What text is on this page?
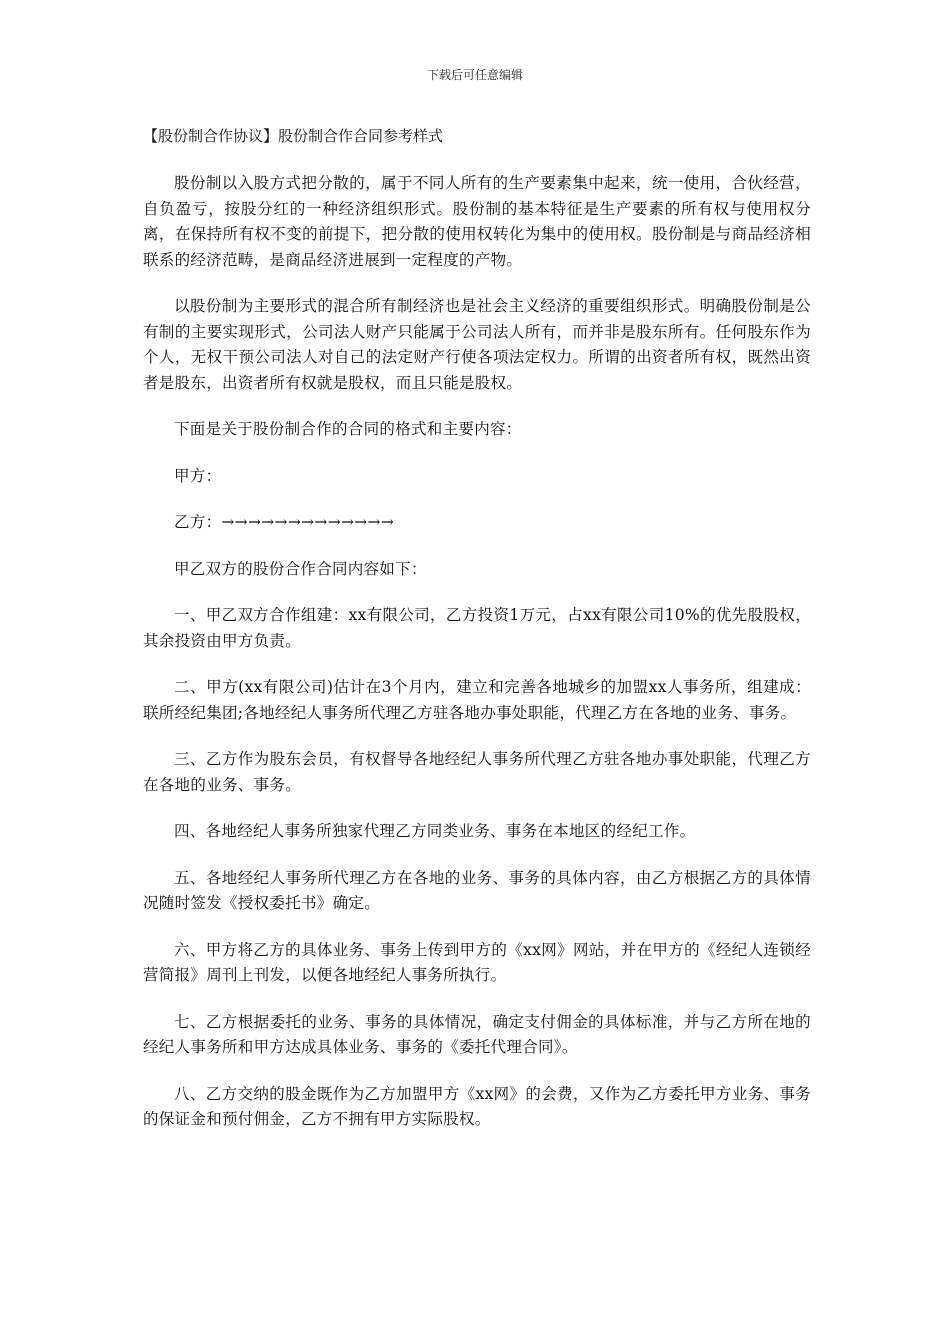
下载后可任意编辑
【股份制合作协议】股份制合作合同参考样式

股份制以入股方式把分散的，属于不同人所有的生产要素集中起来，统一使用，合伙经营，自负盈亏，按股分红的一种经济组织形式。股份制的基本特征是生产要素的所有权与使用权分离，在保持所有权不变的前提下，把分散的使用权转化为集中的使用权。股份制是与商品经济相联系的经济范畴，是商品经济进展到一定程度的产物。

以股份制为主要形式的混合所有制经济也是社会主义经济的重要组织形式。明确股份制是公有制的主要实现形式，公司法人财产只能属于公司法人所有，而并非是股东所有。任何股东作为个人，无权干预公司法人对自己的法定财产行使各项法定权力。所谓的出资者所有权，既然出资者是股东，出资者所有权就是股权，而且只能是股权。

下面是关于股份制合作的合同的格式和主要内容：

甲方：

乙方：→→→→→→→→→→→→→

甲乙双方的股份合作合同内容如下：

一、甲乙双方合作组建：xx有限公司，乙方投资1万元，占xx有限公司10%的优先股股权，其余投资由甲方负责。

二、甲方(xx有限公司)估计在3个月内，建立和完善各地城乡的加盟xx人事务所，组建成：联所经纪集团;各地经纪人事务所代理乙方驻各地办事处职能，代理乙方在各地的业务、事务。

三、乙方作为股东会员，有权督导各地经纪人事务所代理乙方驻各地办事处职能，代理乙方在各地的业务、事务。

四、各地经纪人事务所独家代理乙方同类业务、事务在本地区的经纪工作。

五、各地经纪人事务所代理乙方在各地的业务、事务的具体内容，由乙方根据乙方的具体情况随时签发《授权委托书》确定。

六、甲方将乙方的具体业务、事务上传到甲方的《xx网》网站，并在甲方的《经纪人连锁经营简报》周刊上刊发，以便各地经纪人事务所执行。

七、乙方根据委托的业务、事务的具体情况，确定支付佣金的具体标准，并与乙方所在地的经纪人事务所和甲方达成具体业务、事务的《委托代理合同》。

八、乙方交纳的股金既作为乙方加盟甲方《xx网》的会费，又作为乙方委托甲方业务、事务的保证金和预付佣金，乙方不拥有甲方实际股权。
